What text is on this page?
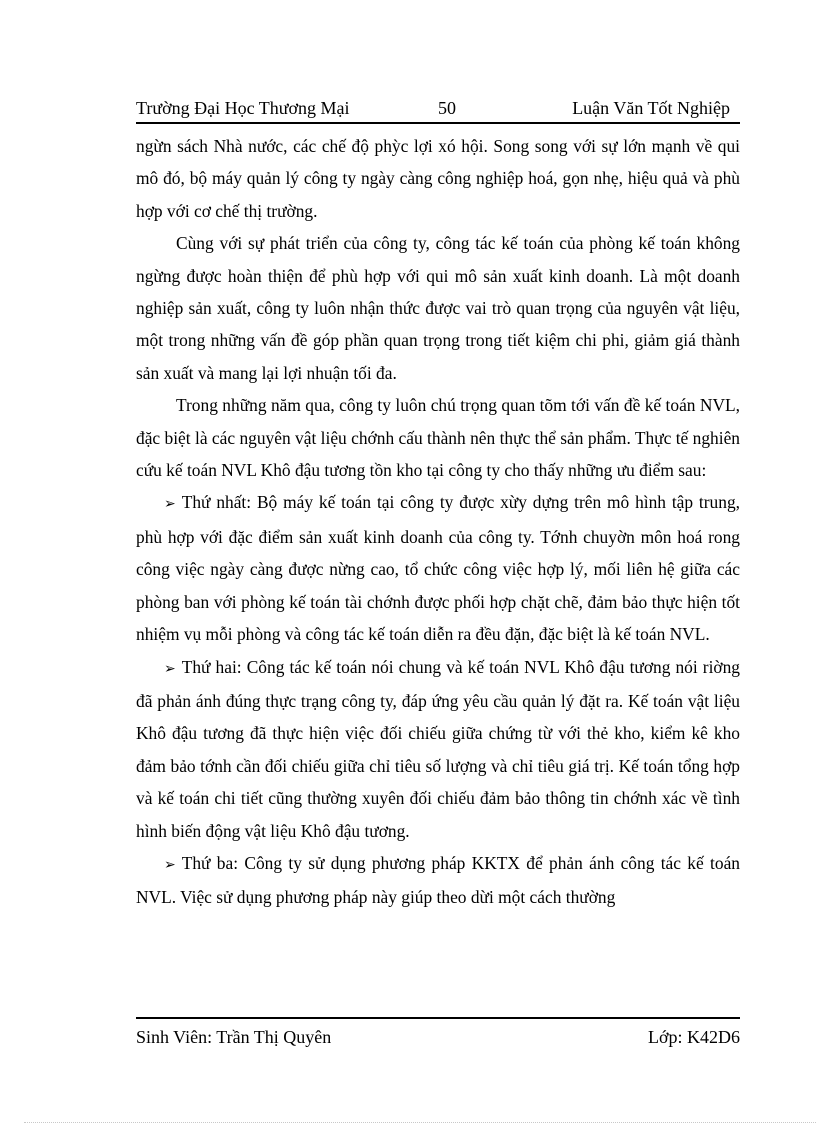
Trường Đại Học Thương Mại	50	Luận Văn Tốt Nghiệp

ngừn sách Nhà nước, các chế độ phỳc lợi xó hội. Song song với sự lớn mạnh về qui mô đó, bộ máy quản lý công ty ngày càng công nghiệp hoá, gọn nhẹ, hiệu quả và phù hợp với cơ chế thị trường.

Cùng với sự phát triển của công ty, công tác kế toán của phòng kế toán không ngừng được hoàn thiện để phù hợp với qui mô sản xuất kinh doanh. Là một doanh nghiệp sản xuất, công ty luôn nhận thức được vai trò quan trọng của nguyên vật liệu, một trong những vấn đề góp phần quan trọng trong tiết kiệm chi phi, giảm giá thành sản xuất và mang lại lợi nhuận tối đa.

Trong những năm qua, công ty luôn chú trọng quan tõm tới vấn đề kế toán NVL, đặc biệt là các nguyên vật liệu chớnh cấu thành nên thực thể sản phẩm. Thực tế nghiên cứu kế toán NVL Khô đậu tương tồn kho tại công ty cho thấy những ưu điểm sau:

➢ Thứ nhất: Bộ máy kế toán tại công ty được xừy dựng trên mô hình tập trung, phù hợp với đặc điểm sản xuất kinh doanh của công ty. Tớnh chuyờn môn hoá rong công việc ngày càng được nừng cao, tổ chức công việc hợp lý, mối liên hệ giữa các phòng ban với phòng kế toán tài chớnh được phối hợp chặt chẽ, đảm bảo thực hiện tốt nhiệm vụ mỗi phòng và công tác kế toán diễn ra đều đặn, đặc biệt là kế toán NVL.

➢ Thứ hai: Công tác kế toán nói chung và kế toán NVL Khô đậu tương nói riờng đã phản ánh đúng thực trạng công ty, đáp ứng yêu cầu quản lý đặt ra. Kế toán vật liệu Khô đậu tương đã thực hiện việc đối chiếu giữa chứng từ với thẻ kho, kiểm kê kho đảm bảo tớnh cần đối chiếu giữa chỉ tiêu số lượng và chỉ tiêu giá trị. Kế toán tổng hợp và kế toán chi tiết cũng thường xuyên đối chiếu đảm bảo thông tin chớnh xác về tình hình biến động vật liệu Khô đậu tương.

➢ Thứ ba: Công ty sử dụng phương pháp KKTX để phản ánh công tác kế toán NVL. Việc sử dụng phương pháp này giúp theo dừi một cách thường

Sinh Viên: Trần Thị Quyên	Lớp: K42D6
